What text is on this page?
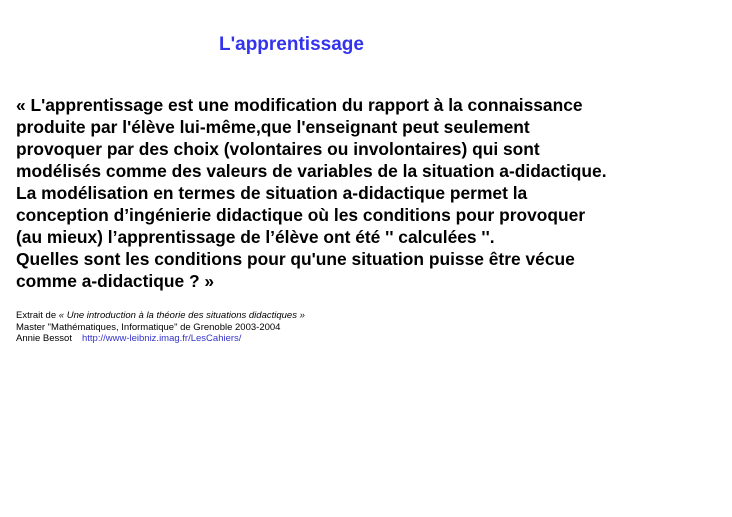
L'apprentissage
« L'apprentissage est une modification du rapport à la connaissance
produite par l'élève lui-même,que l'enseignant peut seulement
provoquer par des choix (volontaires ou involontaires) qui sont
modélisés comme des valeurs de variables de la situation a-didactique.
La modélisation en termes de situation a-didactique permet la
conception d’ingénierie didactique où les conditions pour provoquer
(au mieux) l’apprentissage de l’élève ont été '' calculées ''.
Quelles sont les conditions pour qu'une situation puisse être vécue
comme a-didactique ? »
Extrait de « Une introduction à la théorie des situations didactiques »
Master "Mathématiques, Informatique" de Grenoble 2003-2004
Annie Bessot http://www-leibniz.imag.fr/LesCahiers/
